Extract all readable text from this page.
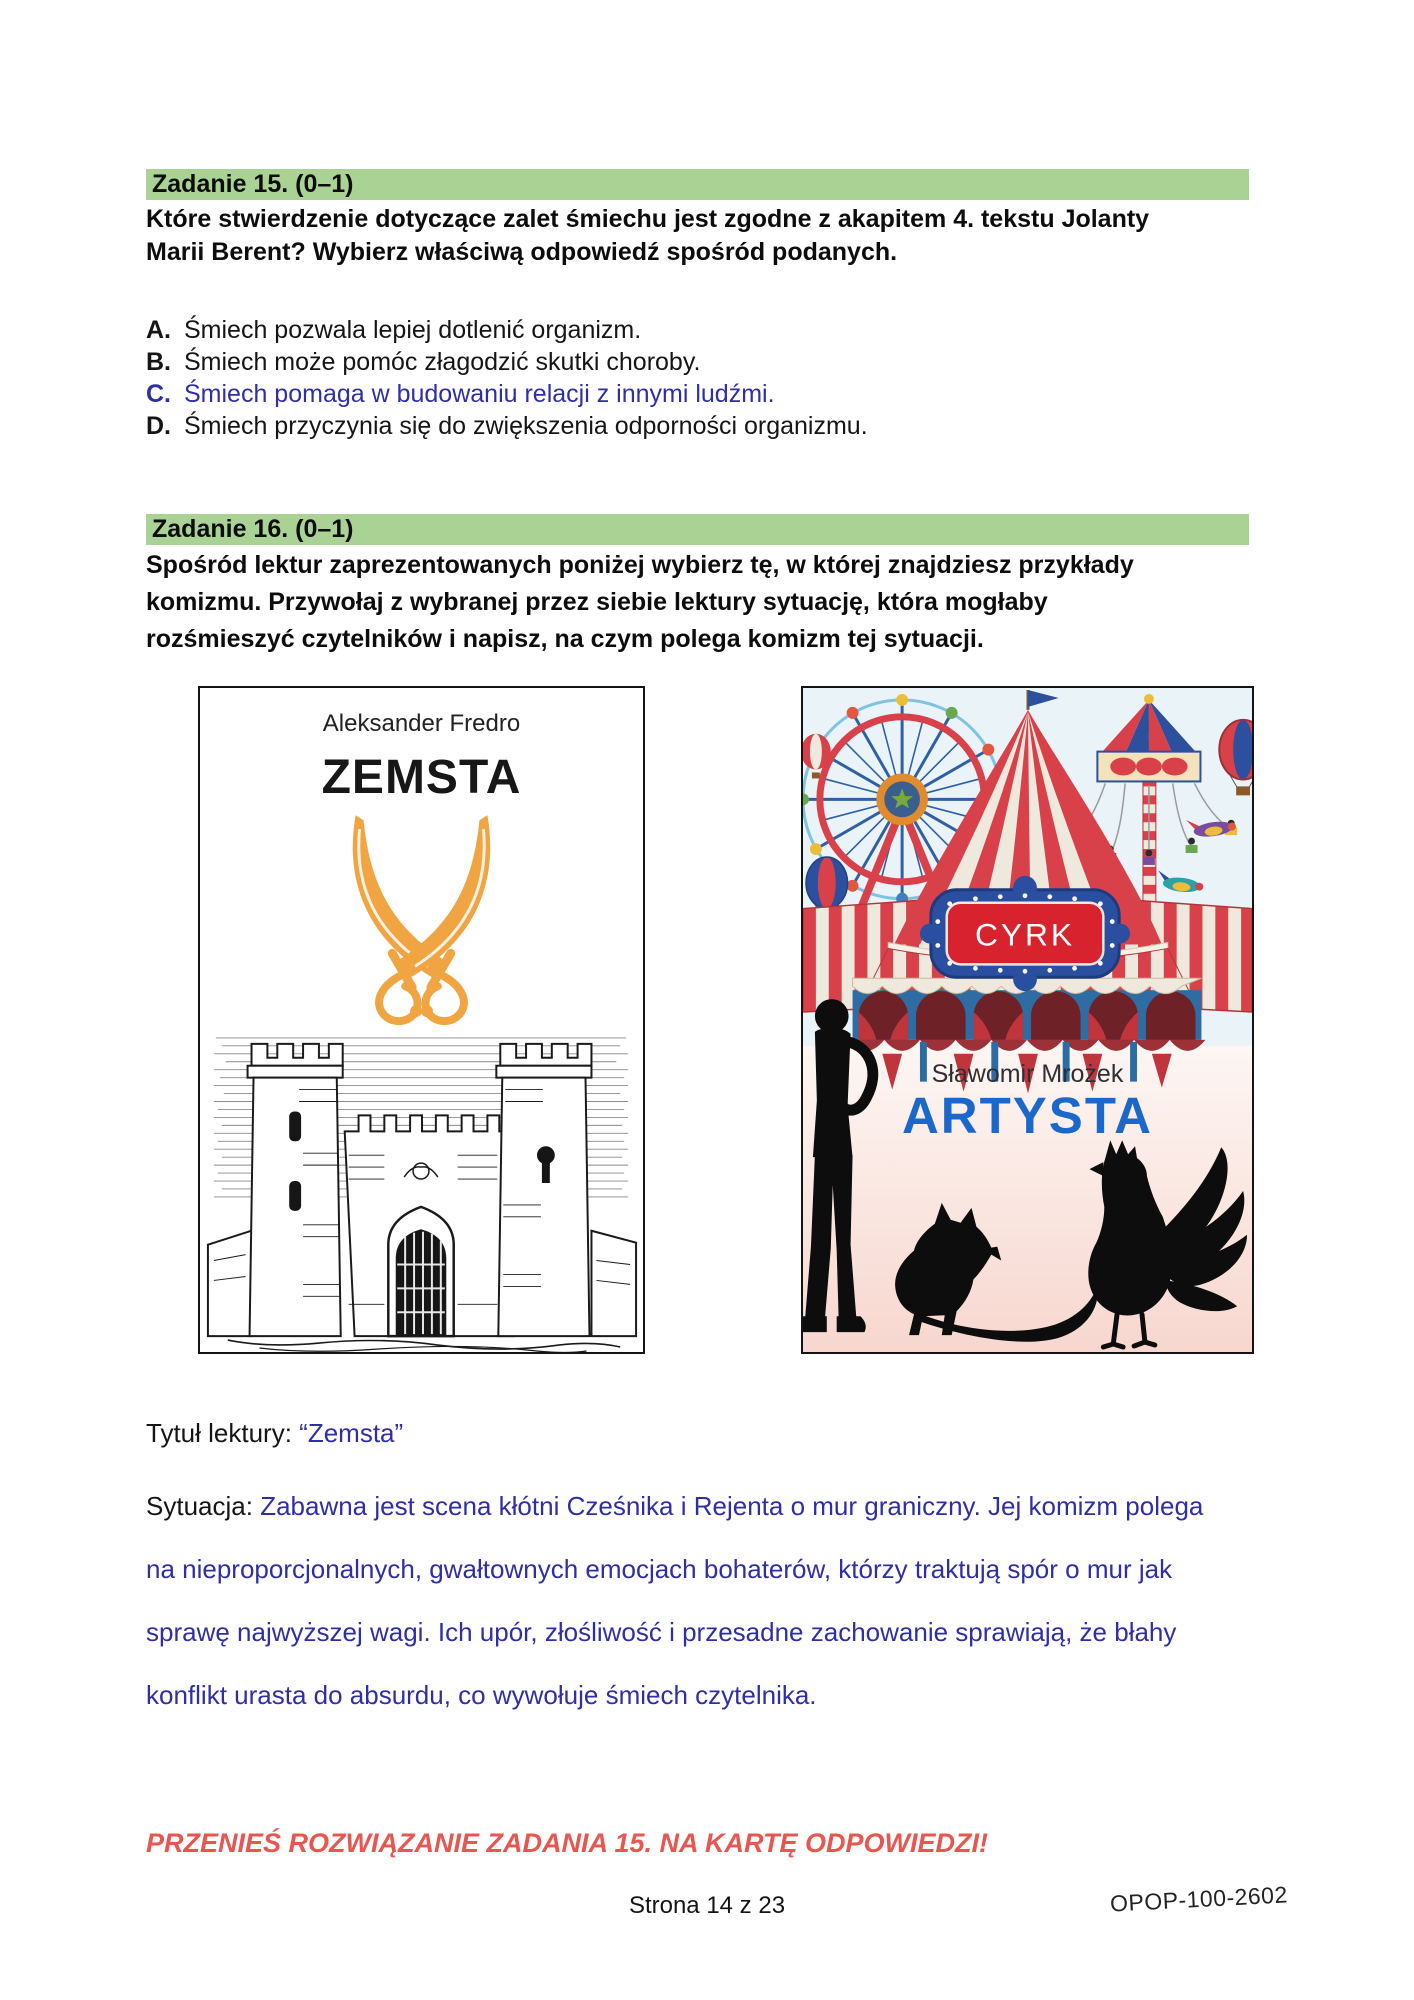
Zadanie 15. (0–1)
Które stwierdzenie dotyczące zalet śmiechu jest zgodne z akapitem 4. tekstu Jolanty
Marii Berent? Wybierz właściwą odpowiedź spośród podanych.
A. Śmiech pozwala lepiej dotlenić organizm.
B. Śmiech może pomóc złagodzić skutki choroby.
C. Śmiech pomaga w budowaniu relacji z innymi ludźmi.
D. Śmiech przyczynia się do zwiększenia odporności organizmu.
Zadanie 16. (0–1)
Spośród lektur zaprezentowanych poniżej wybierz tę, w której znajdziesz przykłady
komizmu. Przywołaj z wybranej przez siebie lektury sytuację, która mogłaby
rozśmieszyć czytelników i napisz, na czym polega komizm tej sytuacji.
Aleksander Fredro
ZEMSTA
CYRK
Sławomir Mrożek
ARTYSTA
Tytuł lektury: “Zemsta”
Sytuacja: Zabawna jest scena kłótni Cześnika i Rejenta o mur graniczny. Jej komizm polega
na nieproporcjonalnych, gwałtownych emocjach bohaterów, którzy traktują spór o mur jak
sprawę najwyższej wagi. Ich upór, złośliwość i przesadne zachowanie sprawiają, że błahy
konflikt urasta do absurdu, co wywołuje śmiech czytelnika.
PRZENIEŚ ROZWIĄZANIE ZADANIA 15. NA KARTĘ ODPOWIEDZI!
Strona 14 z 23	OPOP-100-2602
